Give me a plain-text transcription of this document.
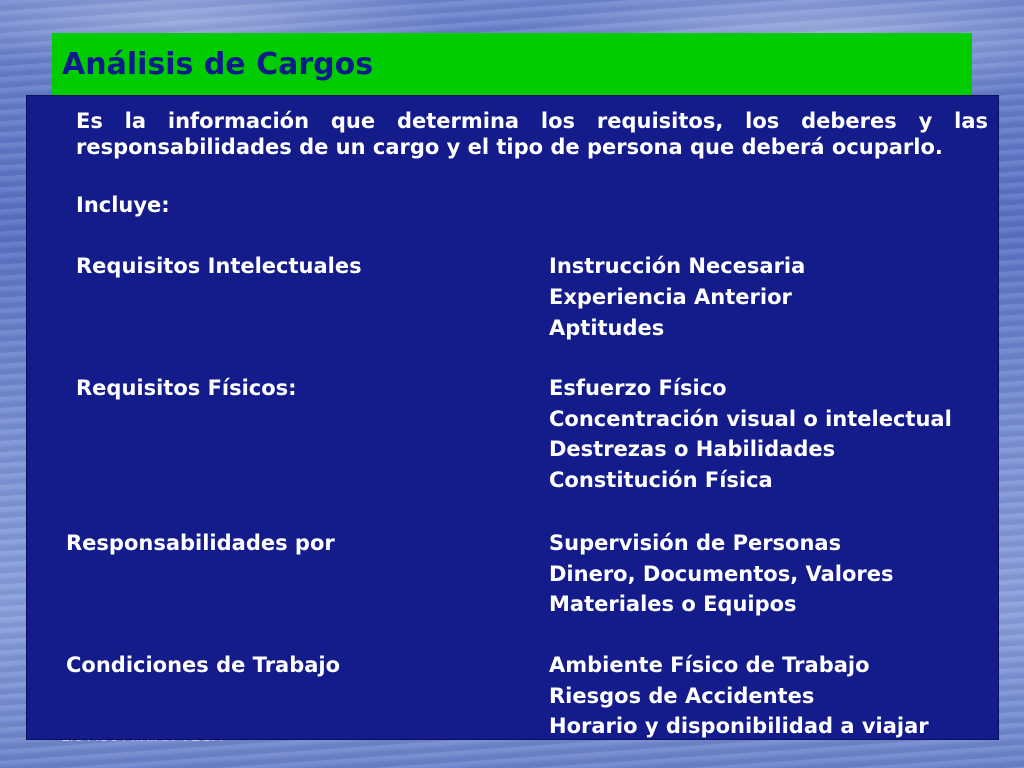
Análisis de Cargos
Es la información que determina los requisitos, los deberes y las responsabilidades de un cargo y el tipo de persona que deberá ocuparlo.
Incluye:
Requisitos Intelectuales	Instrucción Necesaria
Experiencia Anterior
Aptitudes
Requisitos Físicos:	Esfuerzo Físico
Concentración visual o intelectual
Destrezas o Habilidades
Constitución Física
Responsabilidades por	Supervisión de Personas
Dinero, Documentos, Valores
Materiales o Equipos
Condiciones de Trabajo	Ambiente Físico de Trabajo
Riesgos de Accidentes
Horario y disponibilidad a viajar
